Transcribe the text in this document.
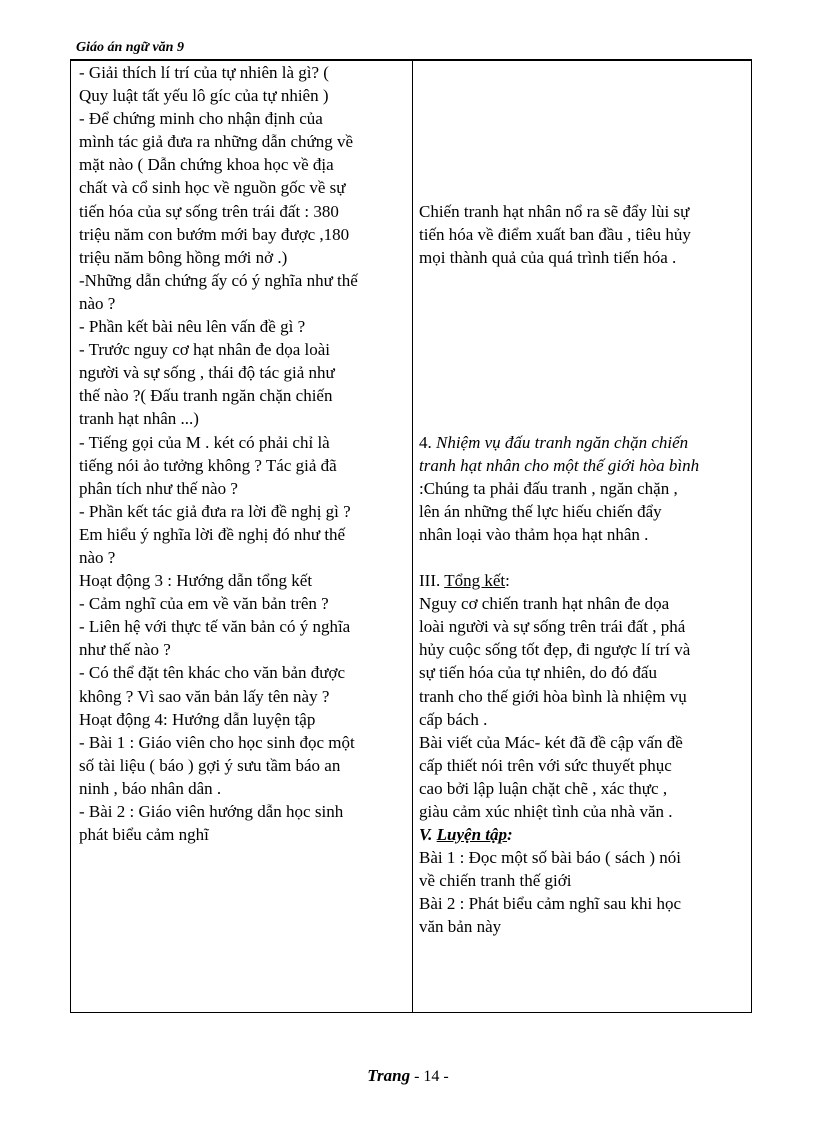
Giáo án ngữ văn 9
- Giải thích lí trí của tự nhiên là gì? (
Quy luật tất yếu lô gíc của tự nhiên )
- Để chứng minh cho nhận định của
mình tác giả đưa ra những dẫn chứng về
mặt nào ( Dẫn chứng khoa học về địa
chất và cổ sinh học về nguồn gốc về sự
tiến hóa của sự sống trên trái đất : 380
triệu năm con bướm mới bay được ,180
triệu năm bông hồng mới nở .)
-Những dẫn chứng ấy có ý nghĩa như thế
nào ?
- Phần kết bài nêu lên vấn đề gì ?
- Trước nguy cơ hạt nhân đe dọa loài
người và sự sống , thái độ tác giả như
thế nào ?( Đấu tranh ngăn chặn chiến
tranh hạt nhân ...)
- Tiếng gọi của M . két có phải chỉ là
tiếng nói ảo tưởng không ? Tác giả đã
phân tích như thế nào ?
- Phần kết tác giả đưa ra lời đề nghị gì ?
Em hiểu ý nghĩa lời đề nghị đó như thế
nào ?
Hoạt động 3 : Hướng dẫn tổng kết
- Cảm nghĩ của em về văn bản trên ?
- Liên hệ với thực tế văn bản có ý nghĩa
như thế nào ?
- Có thể đặt tên khác cho văn bản được
không ? Vì sao văn bản lấy tên này ?
Hoạt động 4: Hướng dẫn luyện tập
- Bài 1 : Giáo viên cho học sinh đọc một
số tài liệu ( báo ) gợi ý sưu tầm báo an
ninh , báo nhân dân .
- Bài 2 : Giáo viên hướng dẫn học sinh
phát biểu cảm nghĩ
Chiến tranh hạt nhân nổ ra sẽ đẩy lùi sự
tiến hóa về điểm xuất ban đầu , tiêu hủy
mọi thành quả của quá trình tiến hóa .
4. Nhiệm vụ đấu tranh ngăn chặn chiến
tranh hạt nhân cho một thế giới hòa bình
:Chúng ta phải đấu tranh , ngăn chặn ,
lên án những thế lực hiếu chiến đẩy
nhân loại vào thảm họa hạt nhân .
III. Tổng kết:
Nguy cơ chiến tranh hạt nhân đe dọa
loài người và sự sống trên trái đất , phá
hủy cuộc sống tốt đẹp, đi ngược lí trí và
sự tiến hóa của tự nhiên, do đó đấu
tranh cho thế giới hòa bình là nhiệm vụ
cấp bách .
Bài viết của Mác- két đã đề cập vấn đề
cấp thiết nói trên với sức thuyết phục
cao bởi lập luận chặt chẽ , xác thực ,
giàu cảm xúc nhiệt tình của nhà văn .
V. Luyện tập:
Bài 1 : Đọc một số bài báo ( sách ) nói
về chiến tranh thế giới
Bài 2 : Phát biểu cảm nghĩ sau khi học
văn bản này
Trang - 14 -
